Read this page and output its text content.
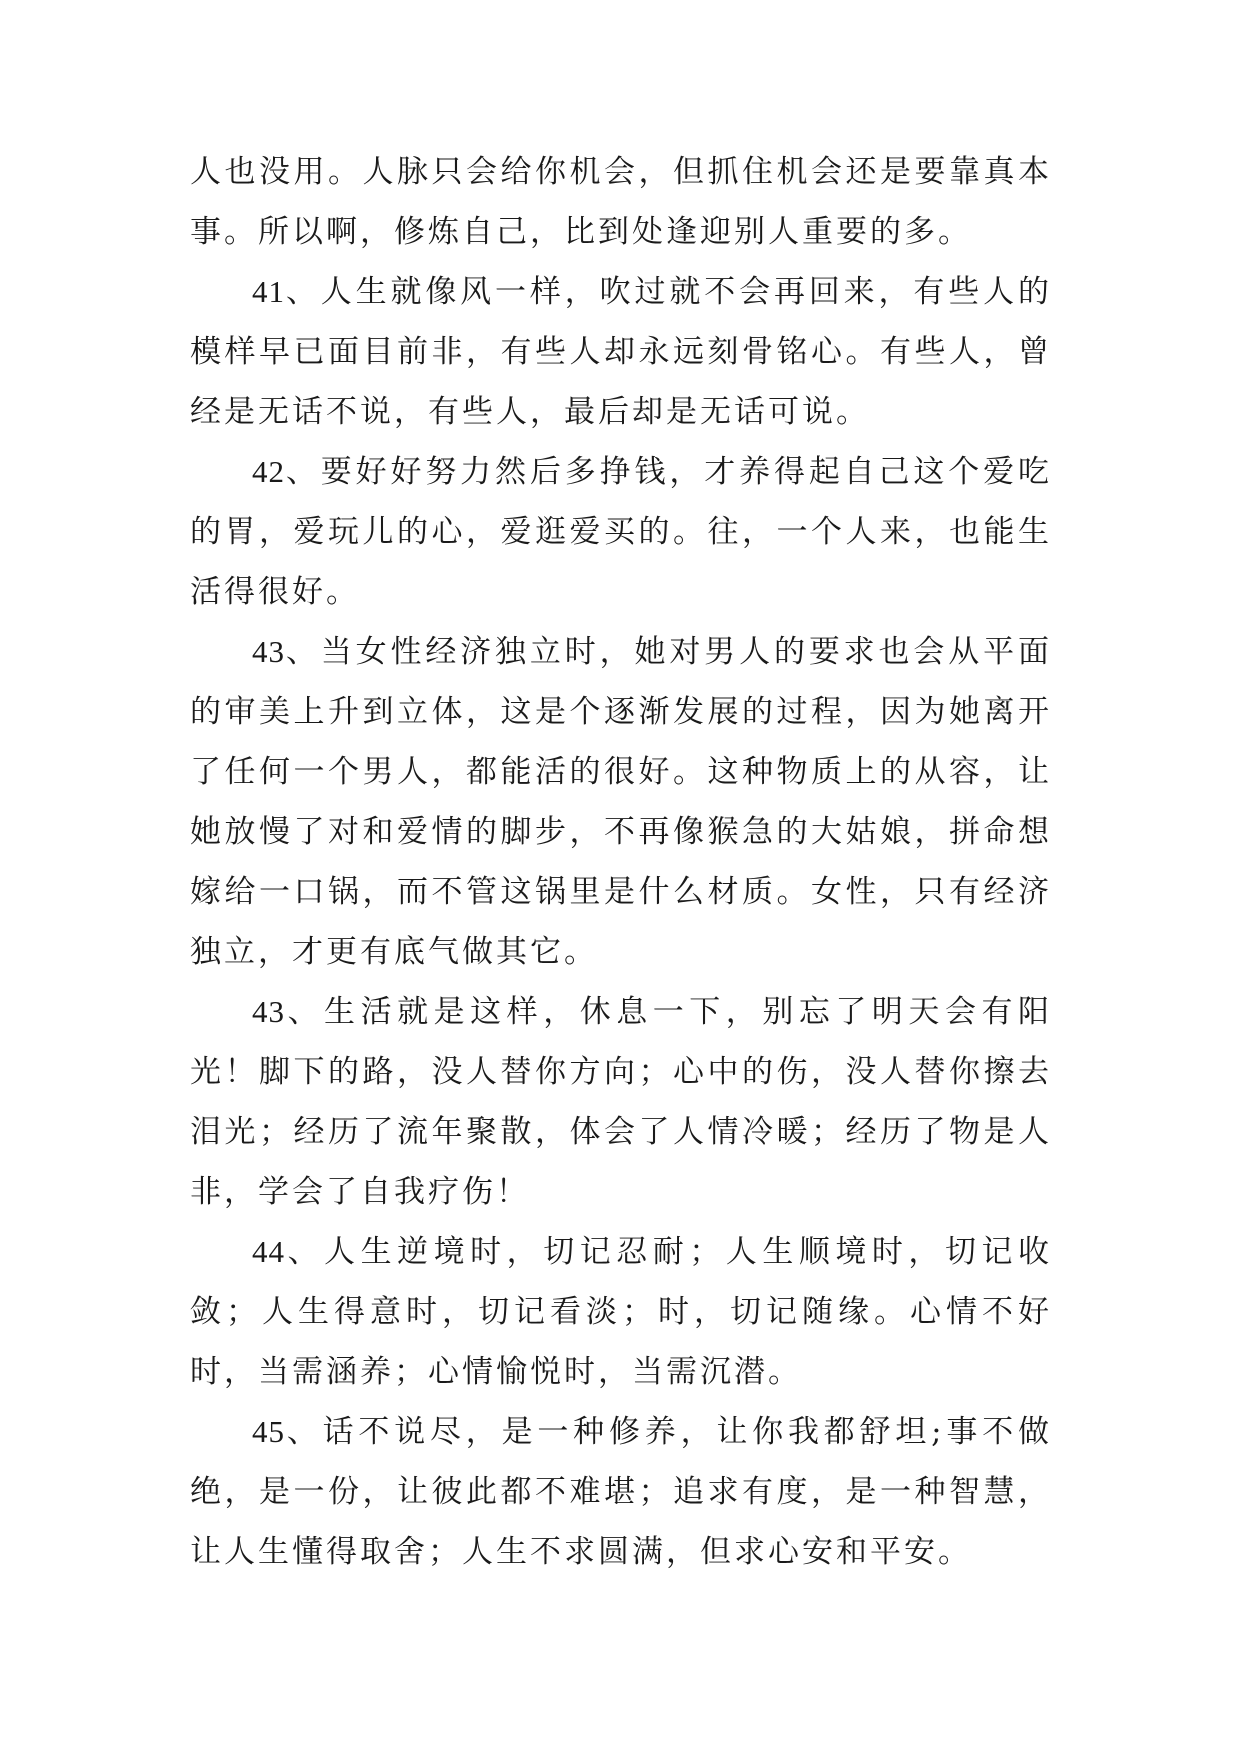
人也没用。人脉只会给你机会，但抓住机会还是要靠真本事。所以啊，修炼自己，比到处逢迎别人重要的多。

41、人生就像风一样，吹过就不会再回来，有些人的模样早已面目前非，有些人却永远刻骨铭心。有些人，曾经是无话不说，有些人，最后却是无话可说。

42、要好好努力然后多挣钱，才养得起自己这个爱吃的胃，爱玩儿的心，爱逛爱买的。往，一个人来，也能生活得很好。

43、当女性经济独立时，她对男人的要求也会从平面的审美上升到立体，这是个逐渐发展的过程，因为她离开了任何一个男人，都能活的很好。这种物质上的从容，让她放慢了对和爱情的脚步，不再像猴急的大姑娘，拼命想嫁给一口锅，而不管这锅里是什么材质。女性，只有经济独立，才更有底气做其它。

43、生活就是这样，休息一下，别忘了明天会有阳光！脚下的路，没人替你方向；心中的伤，没人替你擦去泪光；经历了流年聚散，体会了人情冷暖；经历了物是人非，学会了自我疗伤！

44、人生逆境时，切记忍耐；人生顺境时，切记收敛；人生得意时，切记看淡；时，切记随缘。心情不好时，当需涵养；心情愉悦时，当需沉潜。

45、话不说尽，是一种修养，让你我都舒坦;事不做绝，是一份，让彼此都不难堪；追求有度，是一种智慧，让人生懂得取舍；人生不求圆满，但求心安和平安。
